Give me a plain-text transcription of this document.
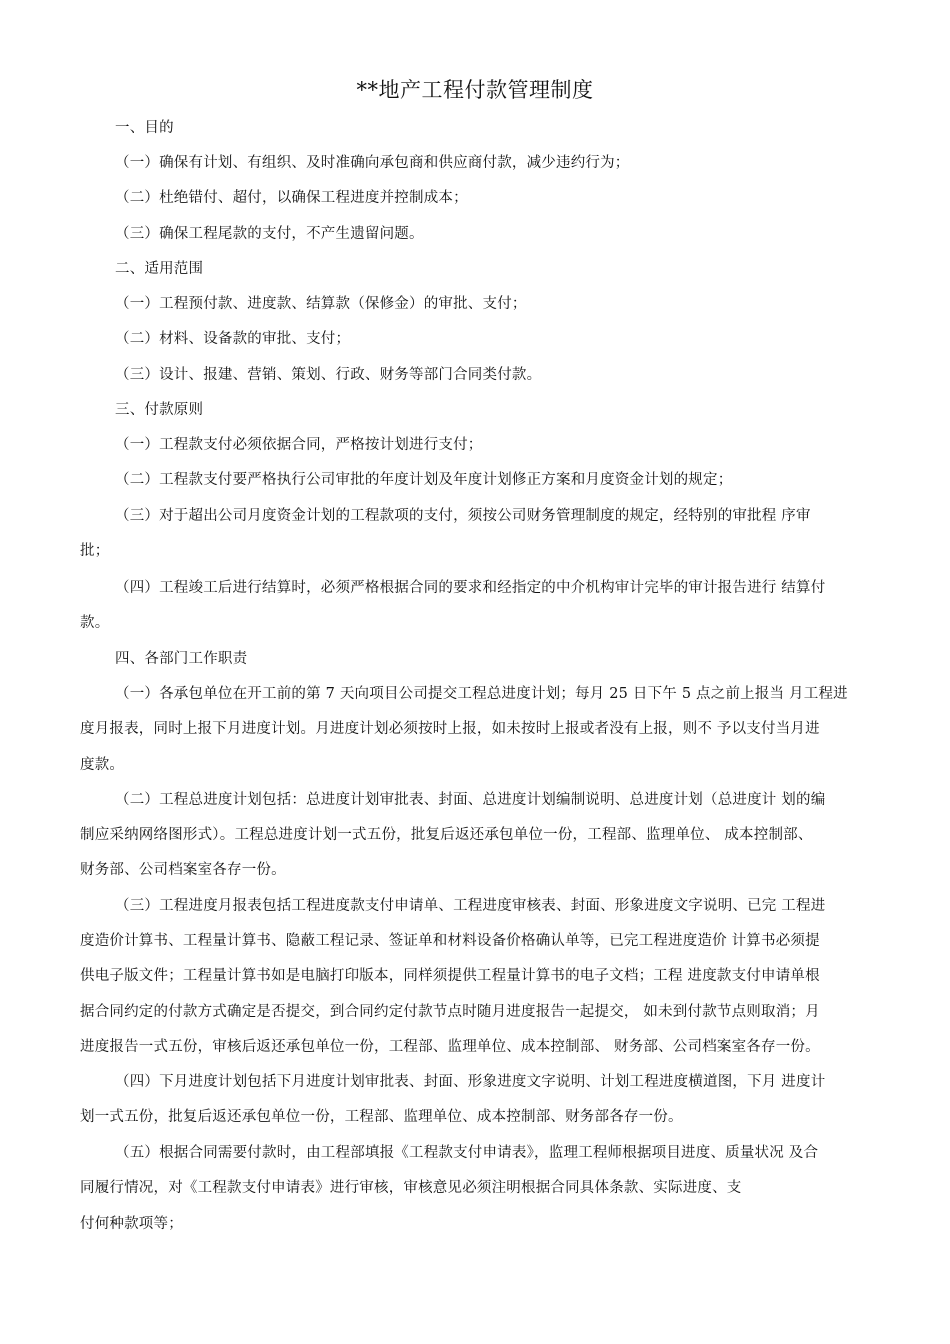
**地产工程付款管理制度
一、目的
（一）确保有计划、有组织、及时准确向承包商和供应商付款，减少违约行为；
（二）杜绝错付、超付，以确保工程进度并控制成本；
（三）确保工程尾款的支付，不产生遗留问题。
二、适用范围
（一）工程预付款、进度款、结算款（保修金）的审批、支付；
（二）材料、设备款的审批、支付；
（三）设计、报建、营销、策划、行政、财务等部门合同类付款。
三、付款原则
（一）工程款支付必须依据合同，严格按计划进行支付；
（二）工程款支付要严格执行公司审批的年度计划及年度计划修正方案和月度资金计划的规定；
（三）对于超出公司月度资金计划的工程款项的支付，须按公司财务管理制度的规定，经特别的审批程 序审
批；
（四）工程竣工后进行结算时，必须严格根据合同的要求和经指定的中介机构审计完毕的审计报告进行 结算付
款。
四、各部门工作职责
（一）各承包单位在开工前的第 7 天向项目公司提交工程总进度计划；每月 25 日下午 5 点之前上报当 月工程进
度月报表，同时上报下月进度计划。月进度计划必须按时上报，如未按时上报或者没有上报，则不 予以支付当月进
度款。
（二）工程总进度计划包括：总进度计划审批表、封面、总进度计划编制说明、总进度计划（总进度计 划的编
制应采纳网络图形式）。工程总进度计划一式五份，批复后返还承包单位一份，工程部、监理单位、 成本控制部、
财务部、公司档案室各存一份。
（三）工程进度月报表包括工程进度款支付申请单、工程进度审核表、封面、形象进度文字说明、已完 工程进
度造价计算书、工程量计算书、隐蔽工程记录、签证单和材料设备价格确认单等，已完工程进度造价 计算书必须提
供电子版文件；工程量计算书如是电脑打印版本，同样须提供工程量计算书的电子文档；工程 进度款支付申请单根
据合同约定的付款方式确定是否提交，到合同约定付款节点时随月进度报告一起提交， 如未到付款节点则取消；月
进度报告一式五份，审核后返还承包单位一份，工程部、监理单位、成本控制部、 财务部、公司档案室各存一份。
（四）下月进度计划包括下月进度计划审批表、封面、形象进度文字说明、计划工程进度横道图，下月 进度计
划一式五份，批复后返还承包单位一份，工程部、监理单位、成本控制部、财务部各存一份。
（五）根据合同需要付款时，由工程部填报《工程款支付申请表》，监理工程师根据项目进度、质量状况 及合
同履行情况，对《工程款支付申请表》进行审核，审核意见必须注明根据合同具体条款、实际进度、支
付何种款项等；
